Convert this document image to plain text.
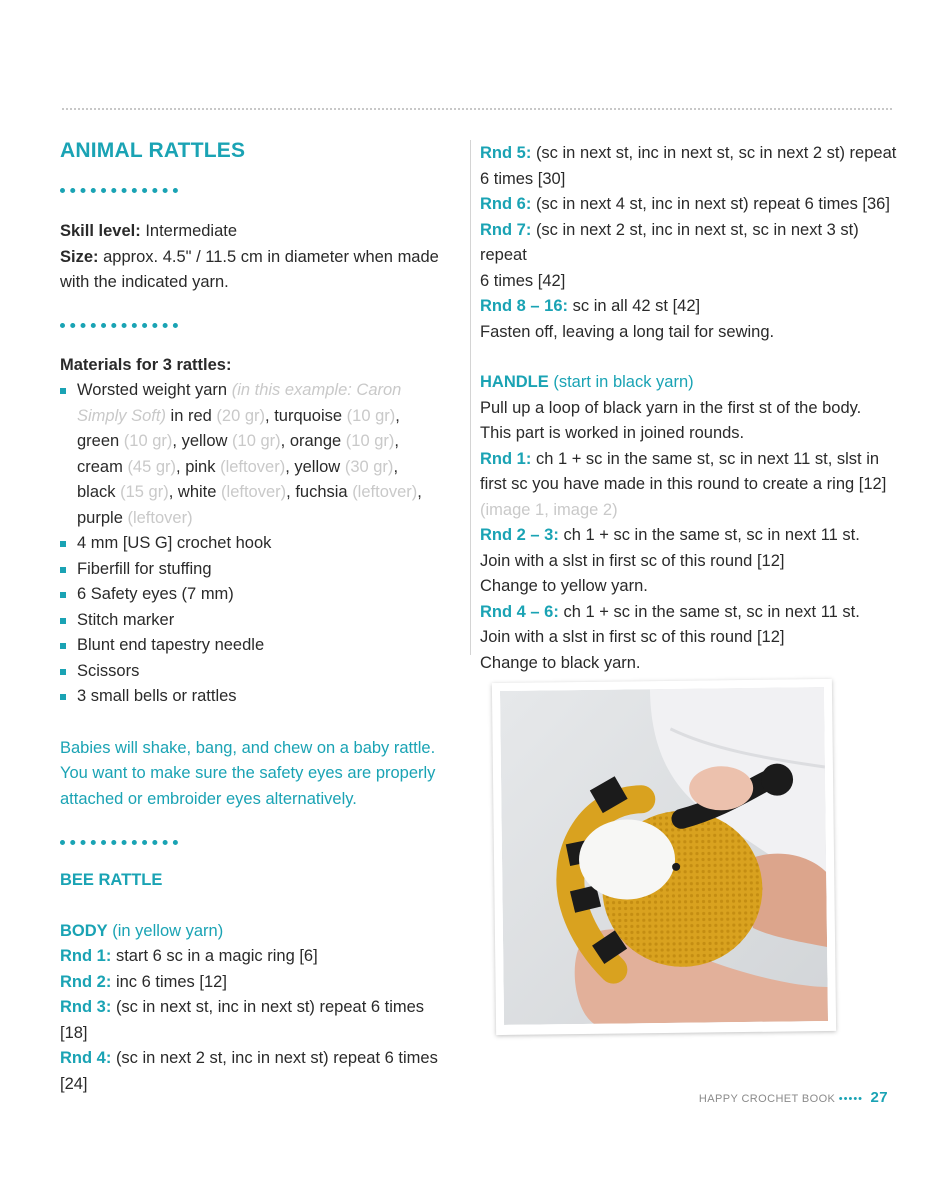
ANIMAL RATTLES

Skill level: Intermediate

Size: approx. 4.5" / 11.5 cm in diameter when made

with the indicated yarn.

Materials for 3 rattles:

Worsted weight yarn (in this example: Caron
Simply Soft) in red (20 gr), turquoise (10 gr),
green (10 gr), yellow (10 gr), orange (10 gr),
cream (45 gr), pink (leftover), yellow (30 gr),
black (15 gr), white (leftover), fuchsia (leftover),
purple (leftover)
4 mm [US G] crochet hook
Fiberfill for stuffing
6 Safety eyes (7 mm)
Stitch marker
Blunt end tapestry needle
Scissors
3 small bells or rattles

Babies will shake, bang, and chew on a baby rattle.

You want to make sure the safety eyes are properly

attached or embroider eyes alternatively.

BEE RATTLE

BODY (in yellow yarn)

Rnd 1: start 6 sc in a magic ring [6]

Rnd 2: inc 6 times [12]

Rnd 3: (sc in next st, inc in next st) repeat 6 times [18]

Rnd 4: (sc in next 2 st, inc in next st) repeat 6 times [24]

Rnd 5: (sc in next st, inc in next st, sc in next 2 st) repeat

6 times [30]

Rnd 6: (sc in next 4 st, inc in next st) repeat 6 times [36]

Rnd 7: (sc in next 2 st, inc in next st, sc in next 3 st) repeat

6 times [42]

Rnd 8 – 16: sc in all 42 st [42]

Fasten off, leaving a long tail for sewing.

HANDLE (start in black yarn)

Pull up a loop of black yarn in the first st of the body.

This part is worked in joined rounds.

Rnd 1: ch 1 + sc in the same st, sc in next 11 st, slst in

first sc you have made in this round to create a ring [12]

(image 1, image 2)

Rnd 2 – 3: ch 1 + sc in the same st, sc in next 11 st.

Join with a slst in first sc of this round [12]

Change to yellow yarn.

Rnd 4 – 6: ch 1 + sc in the same st, sc in next 11 st.

Join with a slst in first sc of this round [12]

Change to black yarn.

HAPPY CROCHET BOOK ••••• 27
